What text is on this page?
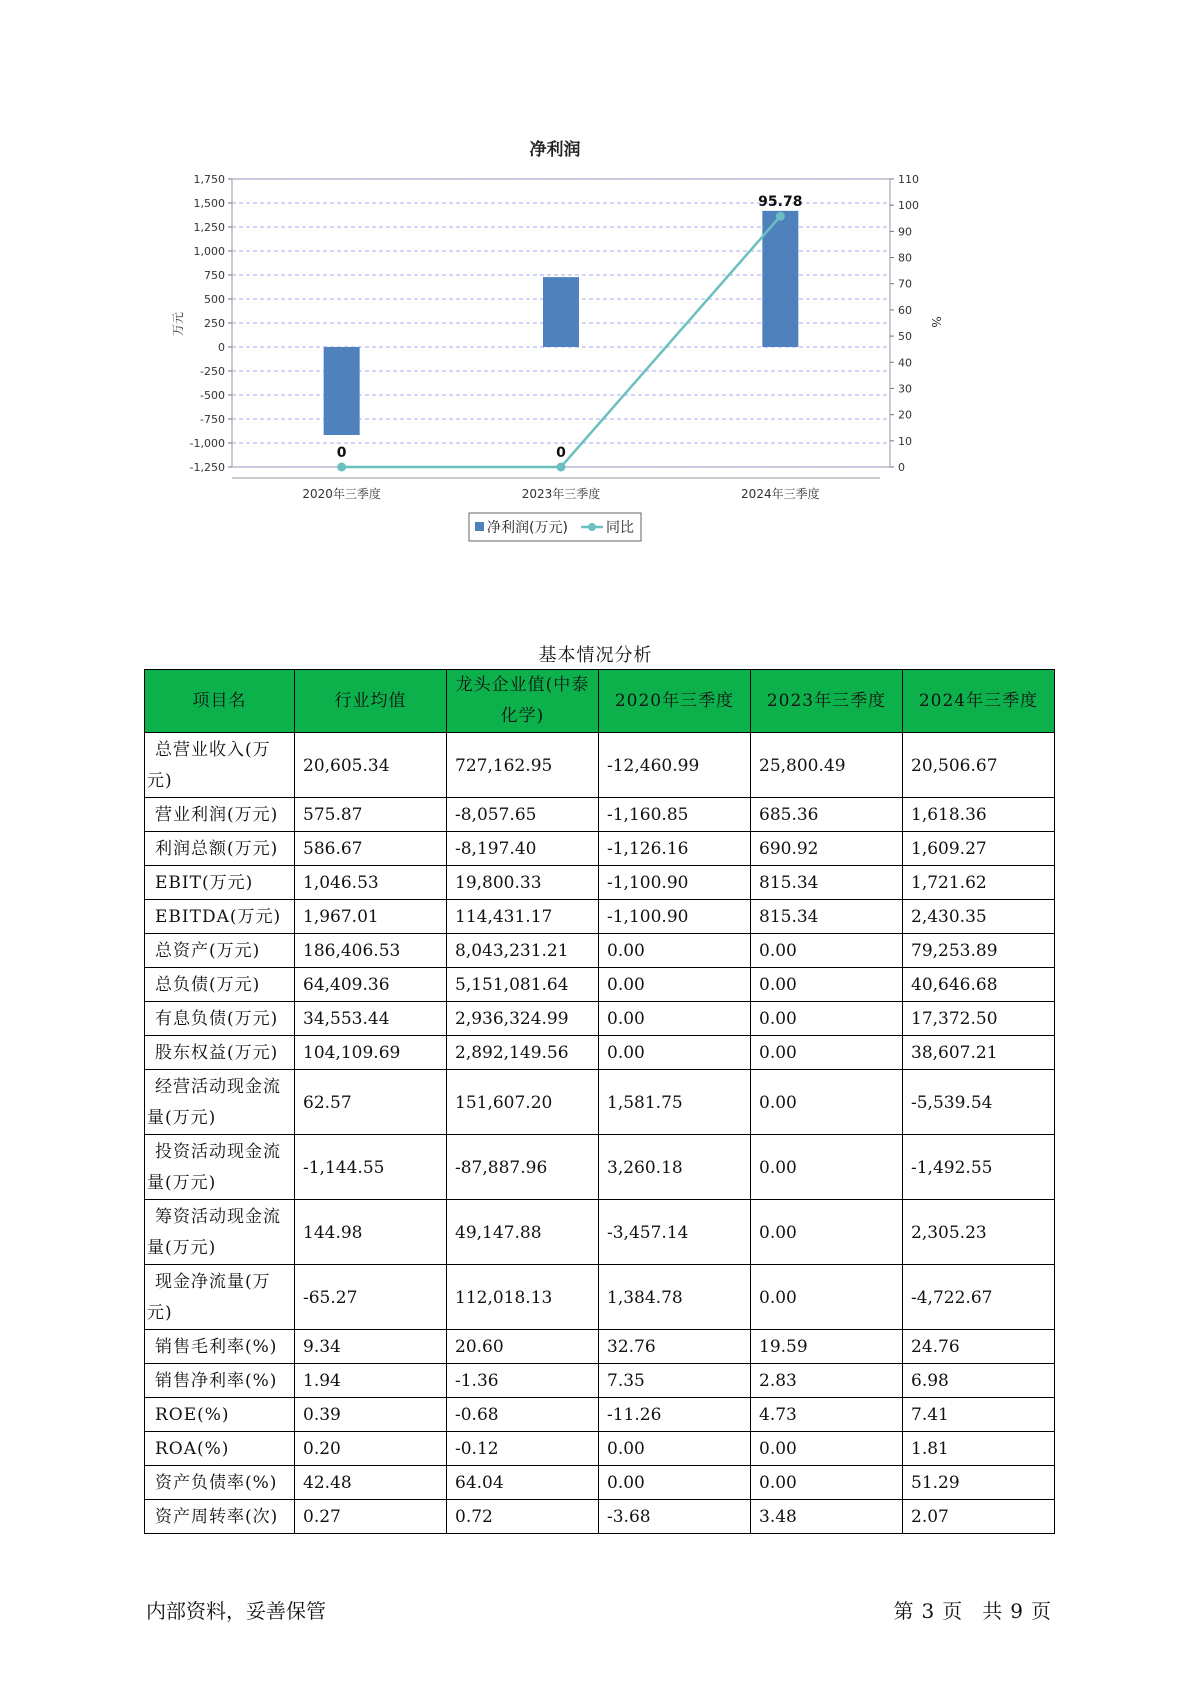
净利润
1,750
1,500
1,250
1,000
750
500
250
0
-250
-500
-750
-1,000
-1,250
110
100
90
80
70
60
50
40
30
20
10
0
万元	%
0	0
95.78
2020年三季度	2023年三季度	2024年三季度
净利润(万元)	同比
基本情况分析
项目名	行业均值	龙头企业值(中泰化学)	2020年三季度	2023年三季度	2024年三季度
总营业收入(万元)	20,605.34	727,162.95	-12,460.99	25,800.49	20,506.67
营业利润(万元)	575.87	-8,057.65	-1,160.85	685.36	1,618.36
利润总额(万元)	586.67	-8,197.40	-1,126.16	690.92	1,609.27
EBIT(万元)	1,046.53	19,800.33	-1,100.90	815.34	1,721.62
EBITDA(万元)	1,967.01	114,431.17	-1,100.90	815.34	2,430.35
总资产(万元)	186,406.53	8,043,231.21	0.00	0.00	79,253.89
总负债(万元)	64,409.36	5,151,081.64	0.00	0.00	40,646.68
有息负债(万元)	34,553.44	2,936,324.99	0.00	0.00	17,372.50
股东权益(万元)	104,109.69	2,892,149.56	0.00	0.00	38,607.21
经营活动现金流量(万元)	62.57	151,607.20	1,581.75	0.00	-5,539.54
投资活动现金流量(万元)	-1,144.55	-87,887.96	3,260.18	0.00	-1,492.55
筹资活动现金流量(万元)	144.98	49,147.88	-3,457.14	0.00	2,305.23
现金净流量(万元)	-65.27	112,018.13	1,384.78	0.00	-4,722.67
销售毛利率(%)	9.34	20.60	32.76	19.59	24.76
销售净利率(%)	1.94	-1.36	7.35	2.83	6.98
ROE(%)	0.39	-0.68	-11.26	4.73	7.41
ROA(%)	0.20	-0.12	0.00	0.00	1.81
资产负债率(%)	42.48	64.04	0.00	0.00	51.29
资产周转率(次)	0.27	0.72	-3.68	3.48	2.07
内部资料，妥善保管	第 3 页　共 9 页
